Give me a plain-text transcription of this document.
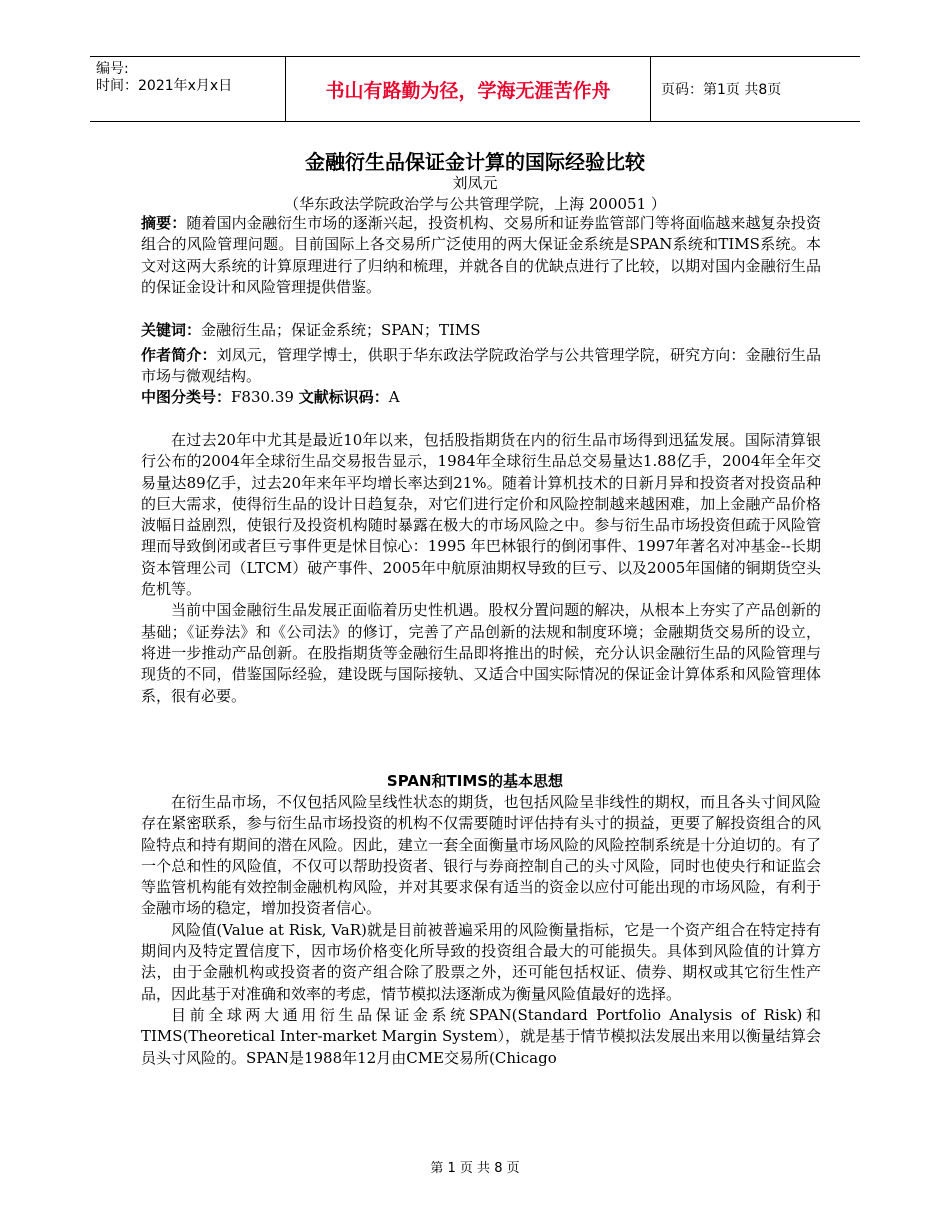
编号:
时间：2021年x月x日	书山有路勤为径，学海无涯苦作舟	页码：第1页 共8页
金融衍生品保证金计算的国际经验比较
刘凤元
（华东政法学院政治学与公共管理学院，上海 200051 ）
摘要：随着国内金融衍生市场的逐渐兴起，投资机构、交易所和证券监管部门等将面临越来越复杂投资组合的风险管理问题。目前国际上各交易所广泛使用的两大保证金系统是SPAN系统和TIMS系统。本文对这两大系统的计算原理进行了归纳和梳理，并就各自的优缺点进行了比较，以期对国内金融衍生品的保证金设计和风险管理提供借鉴。
关键词：金融衍生品；保证金系统；SPAN；TIMS
作者简介：刘凤元，管理学博士，供职于华东政法学院政治学与公共管理学院，研究方向：金融衍生品市场与微观结构。
中图分类号：F830.39 文献标识码：A

在过去20年中尤其是最近10年以来，包括股指期货在内的衍生品市场得到迅猛发展。国际清算银行公布的2004年全球衍生品交易报告显示，1984年全球衍生品总交易量达1.88亿手，2004年全年交易量达89亿手，过去20年来年平均增长率达到21%。随着计算机技术的日新月异和投资者对投资品种的巨大需求，使得衍生品的设计日趋复杂，对它们进行定价和风险控制越来越困难，加上金融产品价格波幅日益剧烈，使银行及投资机构随时暴露在极大的市场风险之中。参与衍生品市场投资但疏于风险管理而导致倒闭或者巨亏事件更是怵目惊心：1995 年巴林银行的倒闭事件、1997年著名对冲基金--长期资本管理公司（LTCM）破产事件、2005年中航原油期权导致的巨亏、以及2005年国储的铜期货空头危机等。

当前中国金融衍生品发展正面临着历史性机遇。股权分置问题的解决，从根本上夯实了产品创新的基础；《证券法》和《公司法》的修订，完善了产品创新的法规和制度环境；金融期货交易所的设立，将进一步推动产品创新。在股指期货等金融衍生品即将推出的时候，充分认识金融衍生品的风险管理与现货的不同，借鉴国际经验，建设既与国际接轨、又适合中国实际情况的保证金计算体系和风险管理体系，很有必要。

SPAN和TIMS的基本思想

在衍生品市场，不仅包括风险呈线性状态的期货，也包括风险呈非线性的期权，而且各头寸间风险存在紧密联系，参与衍生品市场投资的机构不仅需要随时评估持有头寸的损益，更要了解投资组合的风险特点和持有期间的潜在风险。因此，建立一套全面衡量市场风险的风险控制系统是十分迫切的。有了一个总和性的风险值，不仅可以帮助投资者、银行与券商控制自己的头寸风险，同时也使央行和证监会等监管机构能有效控制金融机构风险，并对其要求保有适当的资金以应付可能出现的市场风险，有利于金融市场的稳定，增加投资者信心。

风险值(Value at Risk, VaR)就是目前被普遍采用的风险衡量指标，它是一个资产组合在特定持有期间内及特定置信度下，因市场价格变化所导致的投资组合最大的可能损失。具体到风险值的计算方法，由于金融机构或投资者的资产组合除了股票之外，还可能包括权证、债券、期权或其它衍生性产品，因此基于对准确和效率的考虑，情节模拟法逐渐成为衡量风险值最好的选择。

目前全球两大通用衍生品保证金系统SPAN(Standard Portfolio Analysis of Risk)和TIMS(Theoretical Inter-market Margin System），就是基于情节模拟法发展出来用以衡量结算会员头寸风险的。SPAN是1988年12月由CME交易所(Chicago

第 1 页 共 8 页
